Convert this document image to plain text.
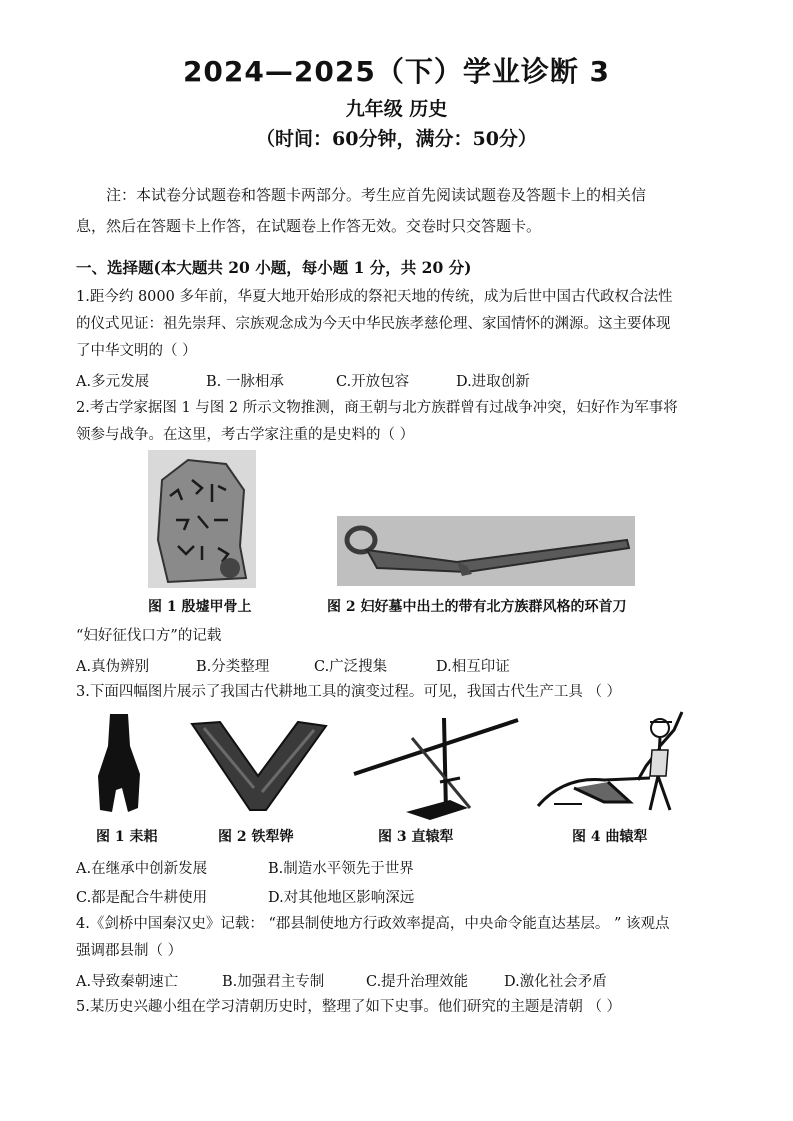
2024—2025（下）学业诊断 3
九年级 历史
（时间：60分钟，满分：50分）
注：本试卷分试题卷和答题卡两部分。考生应首先阅读试题卷及答题卡上的相关信
息，然后在答题卡上作答，在试题卷上作答无效。交卷时只交答题卡。
一、选择题(本大题共 20 小题，每小题 1 分，共 20 分)
1.距今约 8000 多年前，华夏大地开始形成的祭祀天地的传统，成为后世中国古代政权合法性
的仪式见证：祖先崇拜、宗族观念成为今天中华民族孝慈伦理、家国情怀的渊源。这主要体现
了中华文明的（ ）
A.多元发展	B. 一脉相承	C.开放包容	D.进取创新
2.考古学家据图 1 与图 2 所示文物推测，商王朝与北方族群曾有过战争冲突，妇好作为军事将
领参与战争。在这里，考古学家注重的是史料的（ ）
图 1 殷墟甲骨上	图 2 妇好墓中出土的带有北方族群风格的环首刀
“妇好征伐口方”的记载
A.真伪辨别	B.分类整理	C.广泛搜集	D.相互印证
3.下面四幅图片展示了我国古代耕地工具的演变过程。可见，我国古代生产工具 （ ）
图 1 耒耜	图 2 铁犁铧	图 3 直辕犁	图 4 曲辕犁
A.在继承中创新发展	B.制造水平领先于世界
C.都是配合牛耕使用	D.对其他地区影响深远
4.《剑桥中国秦汉史》记载： “郡县制使地方行政效率提高，中央命令能直达基层。 ” 该观点
强调郡县制（ ）
A.导致秦朝速亡	B.加强君主专制	C.提升治理效能 D.激化社会矛盾
5.某历史兴趣小组在学习清朝历史时，整理了如下史事。他们研究的主题是清朝 （ ）
